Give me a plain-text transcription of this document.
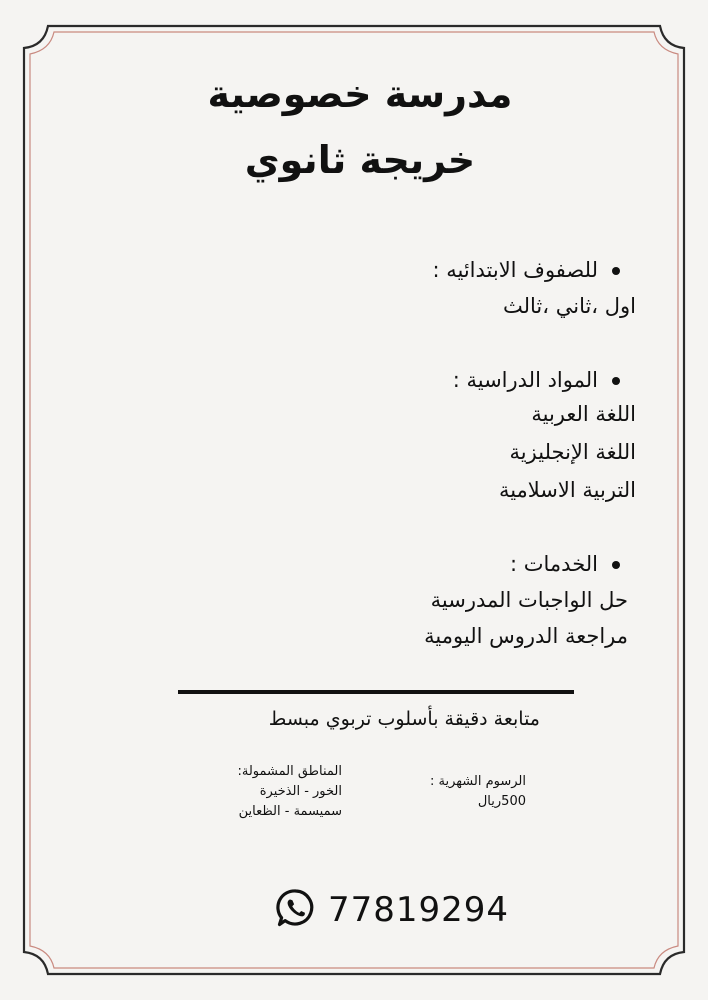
مدرسة خصوصية
خريجة ثانوي
للصفوف الابتدائيه :
اول ،ثاني ،ثالث
المواد الدراسية :
اللغة العربية
اللغة الإنجليزية
التربية الاسلامية
الخدمات :
حل الواجبات المدرسية
مراجعة الدروس اليومية
متابعة دقيقة بأسلوب تربوي مبسط
المناطق المشمولة:
الخور - الذخيرة
سميسمة - الظعاين
الرسوم الشهرية :
500ريال
77819294
